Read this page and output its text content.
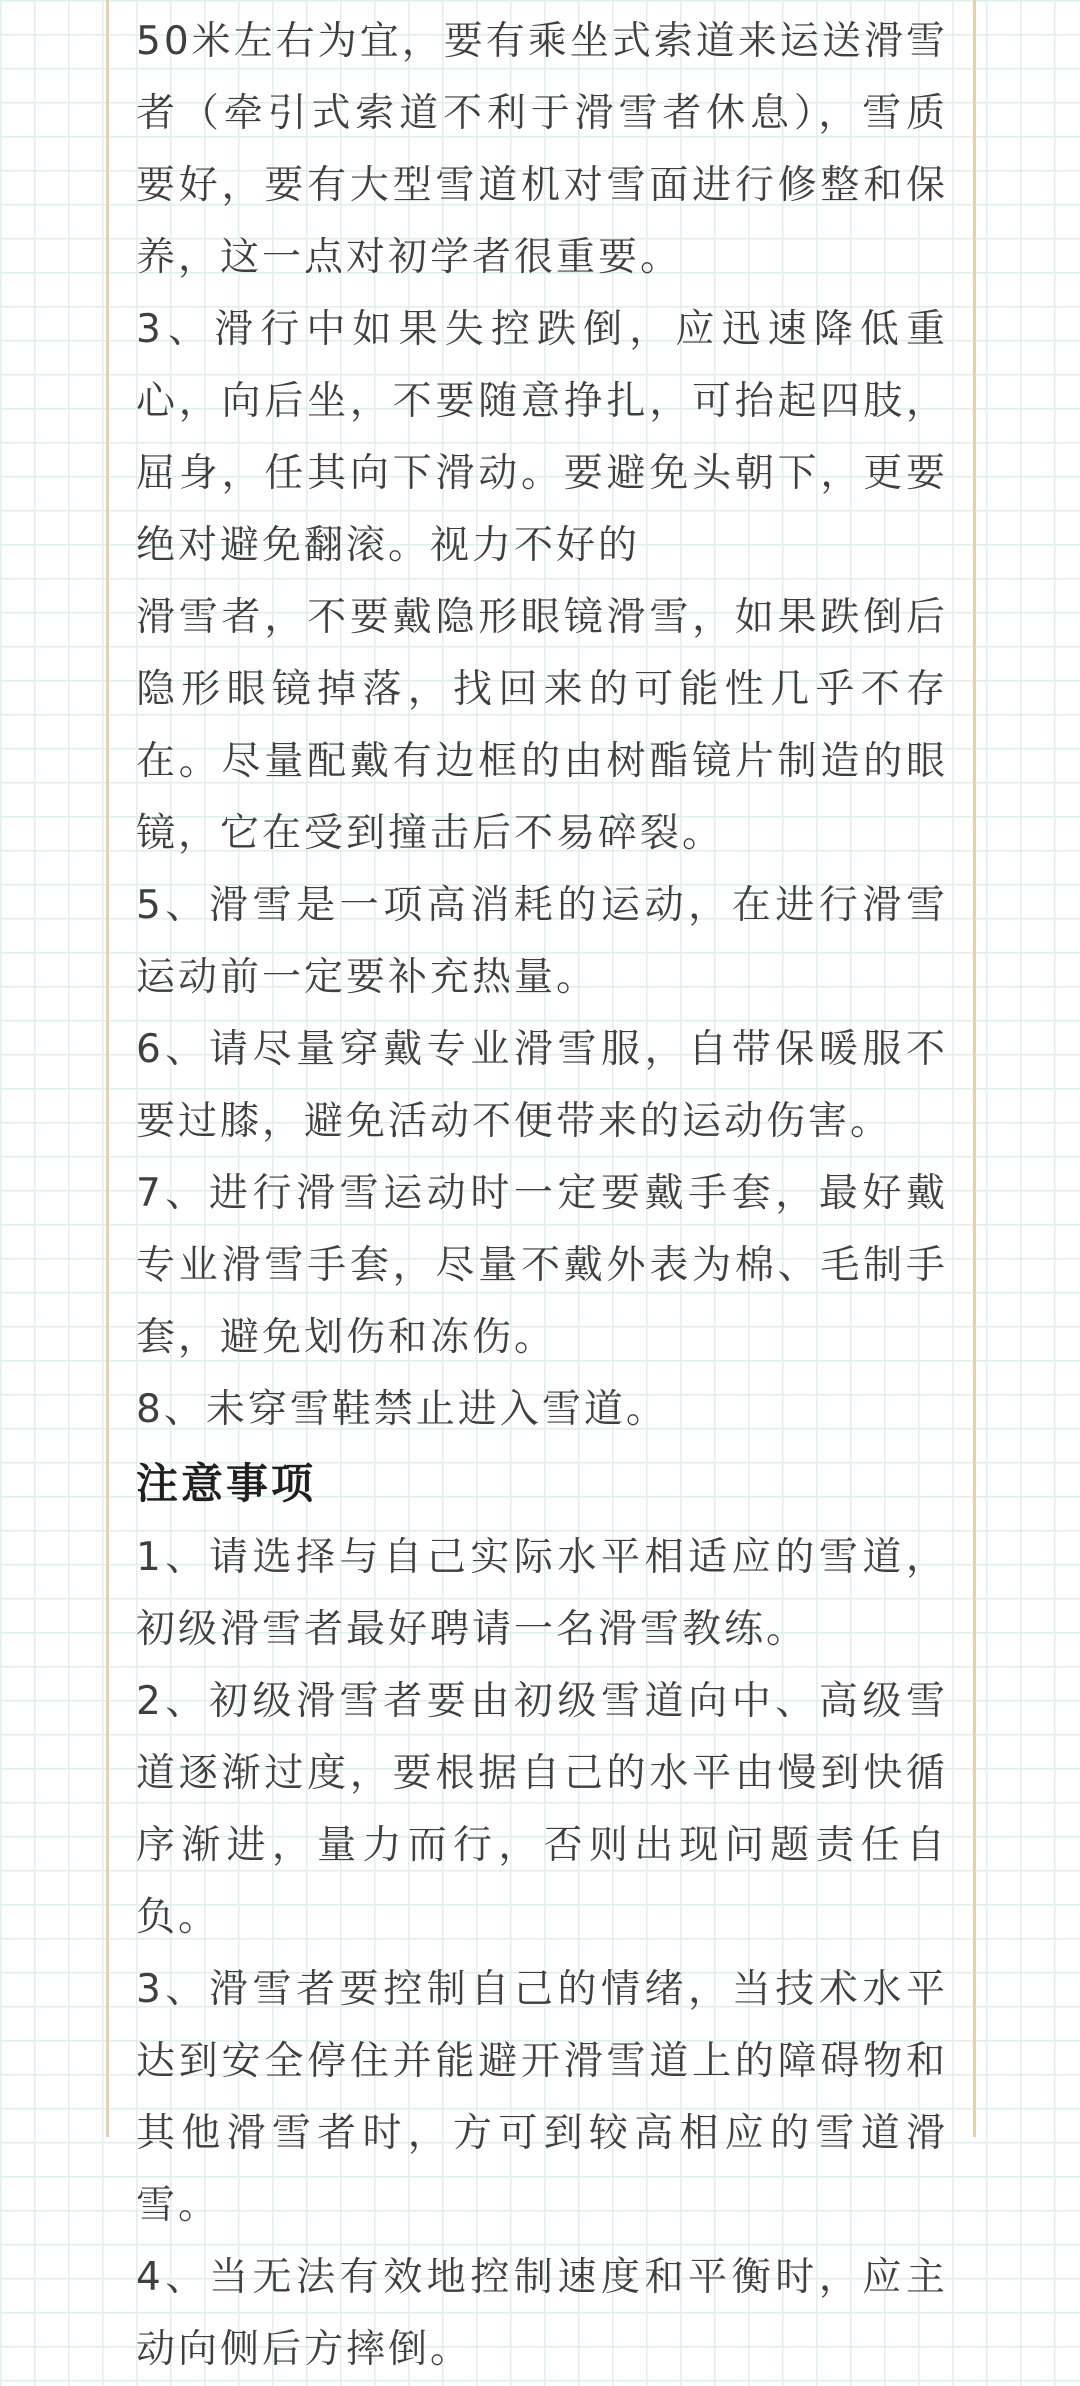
50米左右为宜，要有乘坐式索道来运送滑雪者（牵引式索道不利于滑雪者休息），雪质要好，要有大型雪道机对雪面进行修整和保养，这一点对初学者很重要。

3、滑行中如果失控跌倒，应迅速降低重心，向后坐，不要随意挣扎，可抬起四肢，屈身，任其向下滑动。要避免头朝下，更要绝对避免翻滚。视力不好的

滑雪者，不要戴隐形眼镜滑雪，如果跌倒后隐形眼镜掉落，找回来的可能性几乎不存在。尽量配戴有边框的由树酯镜片制造的眼镜，它在受到撞击后不易碎裂。

5、滑雪是一项高消耗的运动，在进行滑雪运动前一定要补充热量。

6、请尽量穿戴专业滑雪服，自带保暖服不要过膝，避免活动不便带来的运动伤害。

7、进行滑雪运动时一定要戴手套，最好戴专业滑雪手套，尽量不戴外表为棉、毛制手套，避免划伤和冻伤。

8、未穿雪鞋禁止进入雪道。

注意事项

1、请选择与自己实际水平相适应的雪道，初级滑雪者最好聘请一名滑雪教练。

2、初级滑雪者要由初级雪道向中、高级雪道逐渐过度，要根据自己的水平由慢到快循序渐进，量力而行，否则出现问题责任自负。

3、滑雪者要控制自己的情绪，当技术水平达到安全停住并能避开滑雪道上的障碍物和其他滑雪者时，方可到较高相应的雪道滑雪。

4、当无法有效地控制速度和平衡时，应主动向侧后方摔倒。
